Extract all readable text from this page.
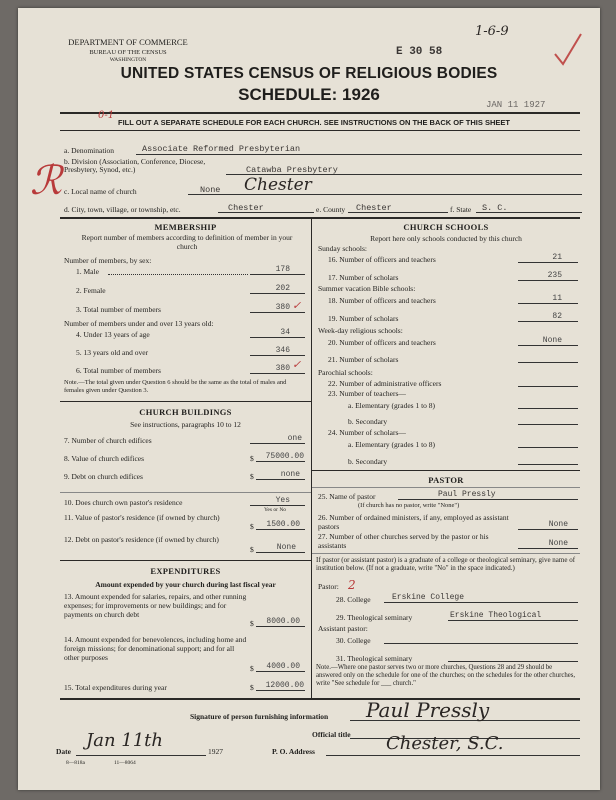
DEPARTMENT OF COMMERCE
BUREAU OF THE CENSUS
WASHINGTON
E 30 58
1-6-9
UNITED STATES CENSUS OF RELIGIOUS BODIES
SCHEDULE: 1926
JAN 11 1927
0-1
FILL OUT A SEPARATE SCHEDULE FOR EACH CHURCH. SEE INSTRUCTIONS ON THE BACK OF THIS SHEET
ℛ
a. Denomination	Associate Reformed Presbyterian
b. Division (Association, Conference, Diocese, Presbytery, Synod, etc.)	Catawba Presbytery
c. Local name of church	None Chester
d. City, town, village, or township, etc.	Chester	e. County Chester	f. State S. C.
MEMBERSHIP
Report number of members according to definition of member in your church
Number of members, by sex:
1. Male	178
2. Female	202
3. Total number of members	380 ✓
Number of members under and over 13 years old:
4. Under 13 years of age	34
5. 13 years old and over	346
6. Total number of members	380 ✓
Note.—The total given under Question 6 should be the same as the total of males and females given under Question 3.
CHURCH BUILDINGS
See instructions, paragraphs 10 to 12
7. Number of church edifices	one
8. Value of church edifices	$	75000.00
9. Debt on church edifices	$	none
10. Does church own pastor's residence	Yes
Yes or No
11. Value of pastor's residence (if owned by church)
$	1500.00
12. Debt on pastor's residence (if owned by church)
$	None
EXPENDITURES
Amount expended by your church during last fiscal year
13. Amount expended for salaries, repairs, and other running expenses; for improvements or new buildings; and for payments on church debt
$	8000.00
14. Amount expended for benevolences, including home and foreign missions; for denominational support; and for all other purposes
$	4000.00
15. Total expenditures during year	$	12000.00
CHURCH SCHOOLS
Report here only schools conducted by this church
Sunday schools:
16. Number of officers and teachers	21
17. Number of scholars	235
Summer vacation Bible schools:
18. Number of officers and teachers	11
19. Number of scholars	82
Week-day religious schools:
20. Number of officers and teachers	None
21. Number of scholars
Parochial schools:
22. Number of administrative officers
23. Number of teachers—
a. Elementary (grades 1 to 8)
b. Secondary
24. Number of scholars—
a. Elementary (grades 1 to 8)
b. Secondary
PASTOR
25. Name of pastor	Paul Pressly
(If church has no pastor, write "None")
26. Number of ordained ministers, if any, employed as assistant pastors	None
27. Number of other churches served by the pastor or his assistants	None
If pastor (or assistant pastor) is a graduate of a college or theological seminary, give name of institution below. (If not a graduate, write "No" in the space indicated.)
Pastor: 2
28. College	Erskine College
29. Theological seminary	Erskine Theological
Assistant pastor:
30. College
31. Theological seminary
Note.—Where one pastor serves two or more churches, Questions 28 and 29 should be answered only on the schedule for one of the churches; on the schedules for the other churches, write "See schedule for ___ church."
Signature of person furnishing information Paul Pressly
Official title
Date
Jan 11th
1927	P. O. Address	Chester, S.C.
8—818a	11—8064
